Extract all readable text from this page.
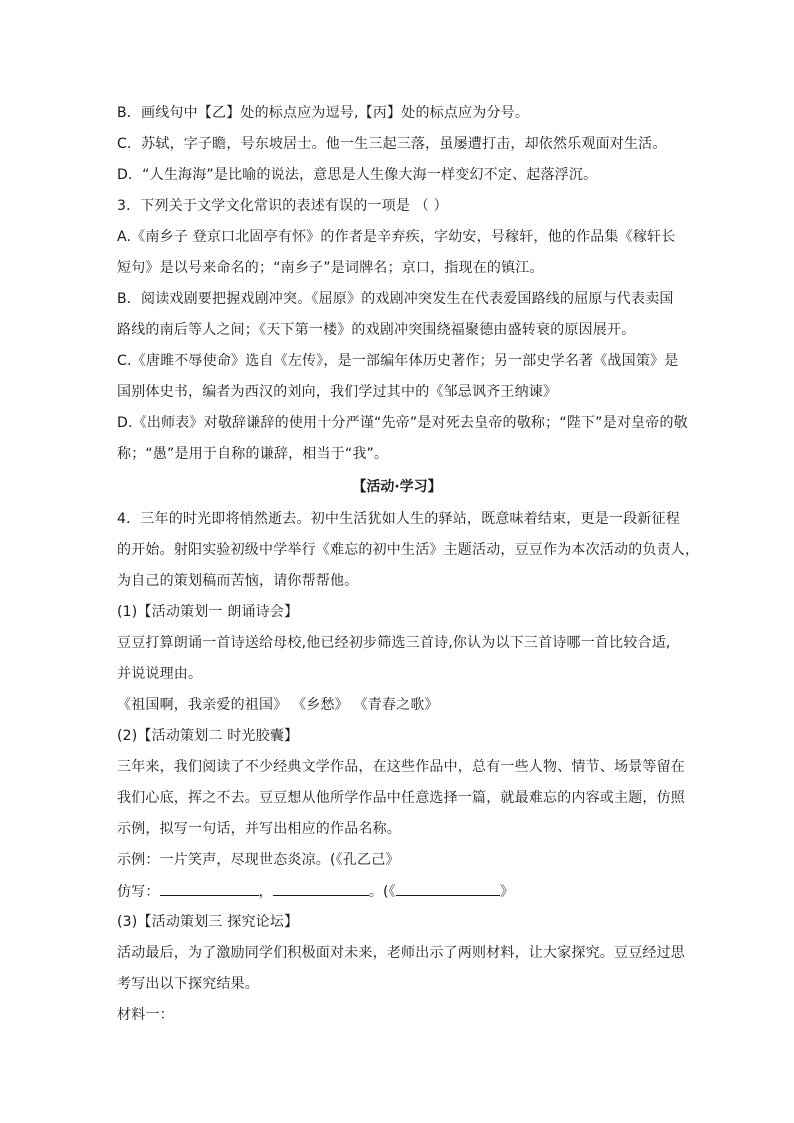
B．画线句中【乙】处的标点应为逗号,【丙】处的标点应为分号。
C．苏轼，字子瞻，号东坡居士。他一生三起三落，虽屡遭打击，却依然乐观面对生活。
D．“人生海海”是比喻的说法，意思是人生像大海一样变幻不定、起落浮沉。
3．下列关于文学文化常识的表述有误的一项是 （ ）
A.《南乡子 登京口北固亭有怀》的作者是辛弃疾，字幼安，号稼轩，他的作品集《稼轩长
短句》是以号来命名的；“南乡子”是词牌名；京口，指现在的镇江。
B．阅读戏剧要把握戏剧冲突。《屈原》的戏剧冲突发生在代表爱国路线的屈原与代表卖国
路线的南后等人之间；《天下第一楼》的戏剧冲突围绕福聚德由盛转衰的原因展开。
C.《唐雎不辱使命》选自《左传》，是一部编年体历史著作；另一部史学名著《战国策》是
国别体史书，编者为西汉的刘向，我们学过其中的《邹忌讽齐王纳谏》
D.《出师表》对敬辞谦辞的使用十分严谨“先帝”是对死去皇帝的敬称；“陛下”是对皇帝的敬
称；“愚”是用于自称的谦辞，相当于“我”。
【活动·学习】
4．三年的时光即将悄然逝去。初中生活犹如人生的驿站，既意味着结束，更是一段新征程
的开始。射阳实验初级中学举行《难忘的初中生活》主题活动，豆豆作为本次活动的负责人，
为自己的策划稿而苦恼，请你帮帮他。
(1)【活动策划一 朗诵诗会】
豆豆打算朗诵一首诗送给母校,他已经初步筛选三首诗,你认为以下三首诗哪一首比较合适,
并说说理由。
《祖国啊，我亲爱的祖国》 《乡愁》 《青春之歌》
(2)【活动策划二 时光胶囊】
三年来，我们阅读了不少经典文学作品，在这些作品中，总有一些人物、情节、场景等留在
我们心底，挥之不去。豆豆想从他所学作品中任意选择一篇，就最难忘的内容或主题，仿照
示例，拟写一句话，并写出相应的作品名称。
示例：一片笑声，尽现世态炎凉。(《孔乙己》
仿写：	，	。(《	》
(3)【活动策划三 探究论坛】
活动最后，为了激励同学们积极面对未来，老师出示了两则材料，让大家探究。豆豆经过思
考写出以下探究结果。
材料一：
